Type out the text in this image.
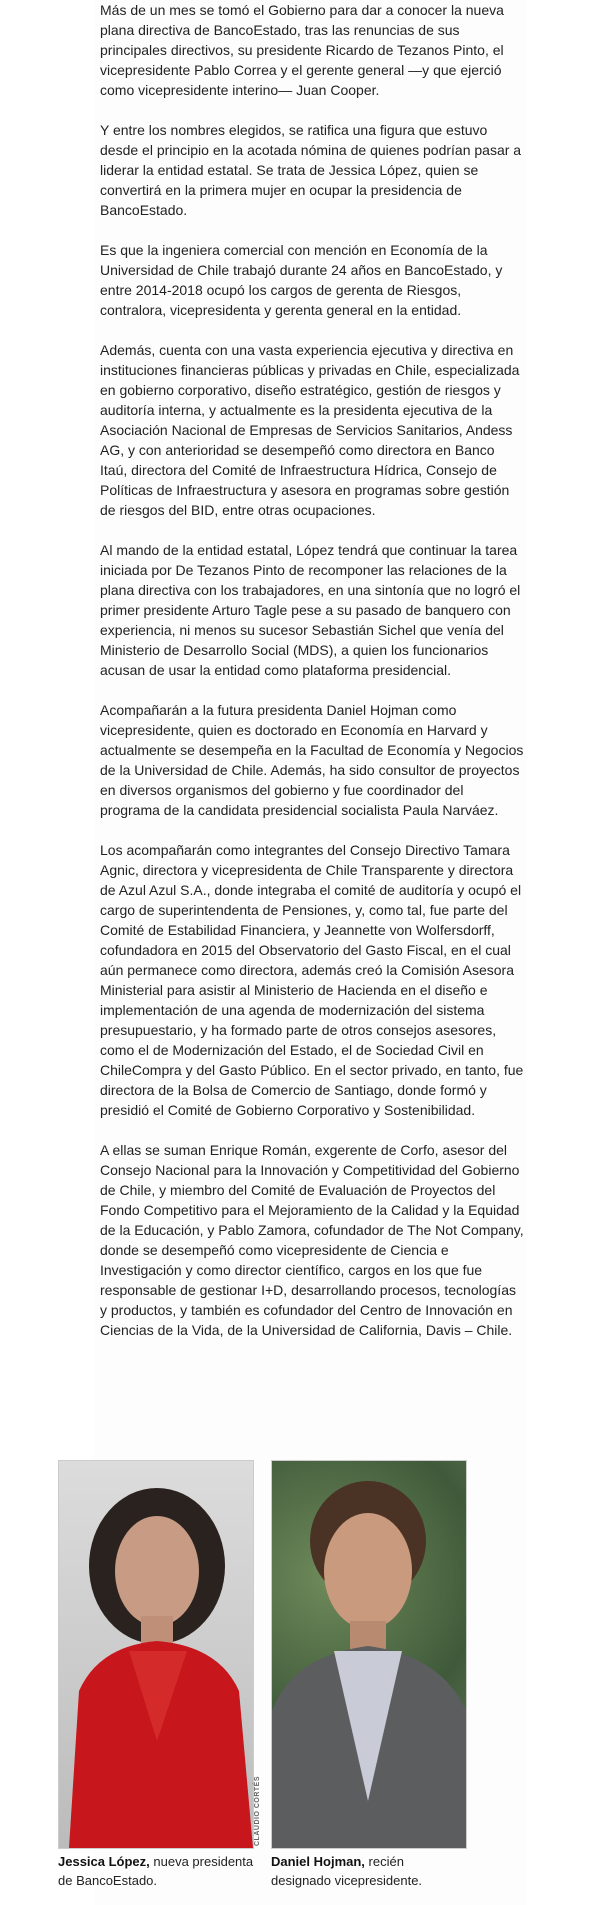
Más de un mes se tomó el Gobierno para dar a conocer la nueva plana directiva de BancoEstado, tras las renuncias de sus principales directivos, su presidente Ricardo de Tezanos Pinto, el vicepresidente Pablo Correa y el gerente general —y que ejerció como vicepresidente interino— Juan Cooper.

Y entre los nombres elegidos, se ratifica una figura que estuvo desde el principio en la acotada nómina de quienes podrían pasar a liderar la entidad estatal. Se trata de Jessica López, quien se convertirá en la primera mujer en ocupar la presidencia de BancoEstado.

Es que la ingeniera comercial con mención en Economía de la Universidad de Chile trabajó durante 24 años en BancoEstado, y entre 2014-2018 ocupó los cargos de gerenta de Riesgos, contralora, vicepresidenta y gerenta general en la entidad.

Además, cuenta con una vasta experiencia ejecutiva y directiva en instituciones financieras públicas y privadas en Chile, especializada en gobierno corporativo, diseño estratégico, gestión de riesgos y auditoría interna, y actualmente es la presidenta ejecutiva de la Asociación Nacional de Empresas de Servicios Sanitarios, Andess AG, y con anterioridad se desempeñó como directora en Banco Itaú, directora del Comité de Infraestructura Hídrica, Consejo de Políticas de Infraestructura y asesora en programas sobre gestión de riesgos del BID, entre otras ocupaciones.

Al mando de la entidad estatal, López tendrá que continuar la tarea iniciada por De Tezanos Pinto de recomponer las relaciones de la plana directiva con los trabajadores, en una sintonía que no logró el primer presidente Arturo Tagle pese a su pasado de banquero con experiencia, ni menos su sucesor Sebastián Sichel que venía del Ministerio de Desarrollo Social (MDS), a quien los funcionarios acusan de usar la entidad como plataforma presidencial.

Acompañarán a la futura presidenta Daniel Hojman como vicepresidente, quien es doctorado en Economía en Harvard y actualmente se desempeña en la Facultad de Economía y Negocios de la Universidad de Chile. Además, ha sido consultor de proyectos en diversos organismos del gobierno y fue coordinador del programa de la candidata presidencial socialista Paula Narváez.

Los acompañarán como integrantes del Consejo Directivo Tamara Agnic, directora y vicepresidenta de Chile Transparente y directora de Azul Azul S.A., donde integraba el comité de auditoría y ocupó el cargo de superintendenta de Pensiones, y, como tal, fue parte del Comité de Estabilidad Financiera, y Jeannette von Wolfersdorff, cofundadora en 2015 del Observatorio del Gasto Fiscal, en el cual aún permanece como directora, además creó la Comisión Asesora Ministerial para asistir al Ministerio de Hacienda en el diseño e implementación de una agenda de modernización del sistema presupuestario, y ha formado parte de otros consejos asesores, como el de Modernización del Estado, el de Sociedad Civil en ChileCompra y del Gasto Público. En el sector privado, en tanto, fue directora de la Bolsa de Comercio de Santiago, donde formó y presidió el Comité de Gobierno Corporativo y Sostenibilidad.

A ellas se suman Enrique Román, exgerente de Corfo, asesor del Consejo Nacional para la Innovación y Competitividad del Gobierno de Chile, y miembro del Comité de Evaluación de Proyectos del Fondo Competitivo para el Mejoramiento de la Calidad y la Equidad de la Educación, y Pablo Zamora, cofundador de The Not Company, donde se desempeñó como vicepresidente de Ciencia e Investigación y como director científico, cargos en los que fue responsable de gestionar I+D, desarrollando procesos, tecnologías y productos, y también es cofundador del Centro de Innovación en Ciencias de la Vida, de la Universidad de California, Davis – Chile.

CLAUDIO CORTÉS
Jessica López, nueva presidenta de BancoEstado.
Daniel Hojman, recién designado vicepresidente.
